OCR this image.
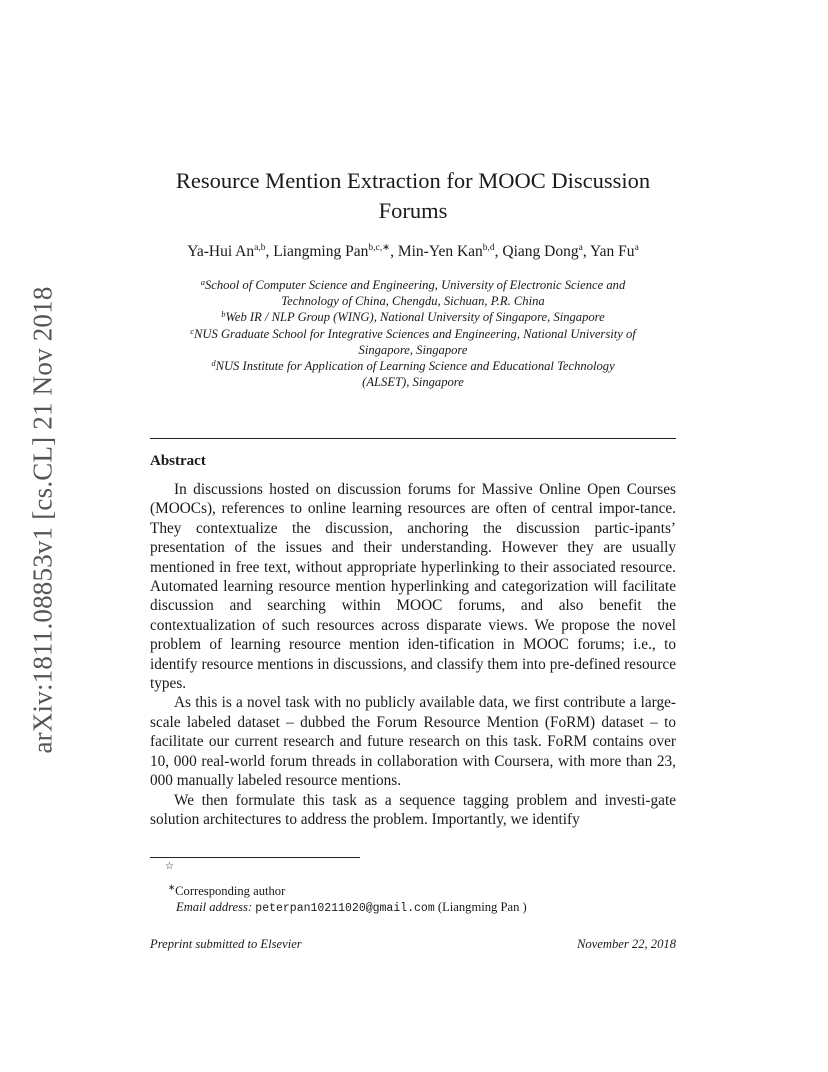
arXiv:1811.08853v1 [cs.CL] 21 Nov 2018
Resource Mention Extraction for MOOC Discussion
Forums
Ya-Hui An$^{a,b}$, Liangming Pan$^{b,c,∗}$, Min-Yen Kan$^{b,d}$, Qiang Dong$^a$, Yan Fu$^a$
$^a$School of Computer Science and Engineering, University of Electronic Science and
Technology of China, Chengdu, Sichuan, P.R. China
$^b$Web IR / NLP Group (WING), National University of Singapore, Singapore
$^c$NUS Graduate School for Integrative Sciences and Engineering, National University of
Singapore, Singapore
$^d$NUS Institute for Application of Learning Science and Educational Technology
(ALSET), Singapore
Abstract

In discussions hosted on discussion forums for Massive Online Open Courses (MOOCs), references to online learning resources are often of central impor-tance. They contextualize the discussion, anchoring the discussion partic-ipants’ presentation of the issues and their understanding. However they are usually mentioned in free text, without appropriate hyperlinking to their associated resource. Automated learning resource mention hyperlinking and categorization will facilitate discussion and searching within MOOC forums, and also benefit the contextualization of such resources across disparate views. We propose the novel problem of learning resource mention iden-tification in MOOC forums; i.e., to identify resource mentions in discussions, and classify them into pre-defined resource types.

As this is a novel task with no publicly available data, we first contribute a large-scale labeled dataset – dubbed the Forum Resource Mention (FoRM) dataset – to facilitate our current research and future research on this task. FoRM contains over 10, 000 real-world forum threads in collaboration with Coursera, with more than 23, 000 manually labeled resource mentions.

We then formulate this task as a sequence tagging problem and investi-gate solution architectures to address the problem. Importantly, we identify

☆
∗Corresponding author
Email address: peterpan10211020@gmail.com (Liangming Pan )
Preprint submitted to Elsevier	November 22, 2018
